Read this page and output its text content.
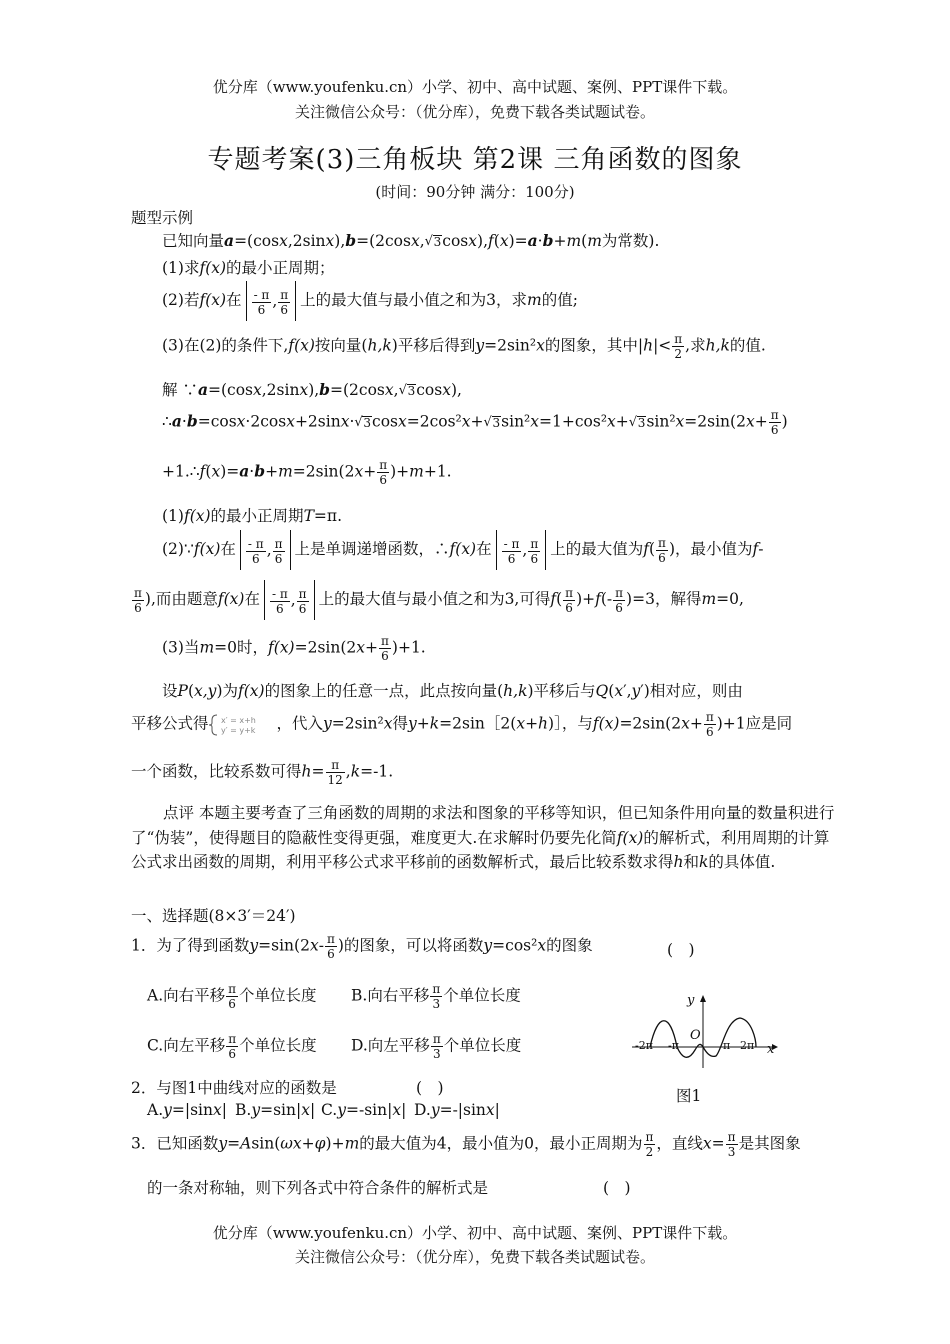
优分库（www.youfenku.cn）小学、初中、高中试题、案例、PPT课件下载。
关注微信公众号：（优分库），免费下载各类试题试卷。
专题考案(3)三角板块 第2课 三角函数的图象
(时间：90分钟 满分：100分)
题型示例
已知向量a=(cosx,2sinx),b=(2cosx, √ 3cosx),f(x)=a·b+m(m为常数).
(1)求f(x)的最小正周期；
(2)若f(x)在 $\frac{- \pi}{6}$ , $\frac{\pi}{6}$ 上的最大值与最小值之和为3，求m的值;
(3)在(2)的条件下,f(x)按向量(h,k)平移后得到y=2sin²x的图象，其中$|h|< \frac{\pi}{2}$ ,求h,k的值.
解 ∵a=(cosx,2sinx),b=(2cosx, √ 3cosx),
∴a·b=cosx·2cosx+2sinx· √ 3cosx=2cos²x+ √ 3sin²x=1+cos²x+ √ $3\sin^2x=2\sin(2x+ \frac{\pi}{6}$ )
+1.∴f(x)=a·b+m=2sin(2x+ $\frac{\pi}{6} )+m+1$.
(1)f(x)的最小正周期T=π.
(2)∵f(x)在 $\frac{- \pi}{6}$ , $\frac{\pi}{6}$ 上是单调递增函数，∴f(x)在 $\frac{- \pi}{6}$ , $\frac{\pi}{6}$ 上的最大值为$f( \frac{\pi}{6}$ )，最小值为f-
$\frac{\pi}{6}$ ),而由题意f(x)在 $\frac{- \pi}{6}$ , $\frac{\pi}{6}$ 上的最大值与最小值之和为3,可得$f( \frac{\pi}{6} )+f(- \frac{\pi}{6} )=3$，解得m=0,
(3)当m=0时，$f(x)=2\sin(2x+ \frac{\pi}{6} )+1$.
设P(x,y)为f(x)的图象上的任意一点，此点按向量(h,k)平移后与Q(x′,y′)相对应，则由
平移公式得 x′ = x+h
y′ = y+k ，代入y=2sin²x得y+k=2sin［2(x+h)］，与$f(x)=2\sin(2x+ \frac{\pi}{6} )+1$应是同
一个函数，比较系数可得$h= \frac{\pi}{12} ,k=-1$.
点评 本题主要考查了三角函数的周期的求法和图象的平移等知识，但已知条件用向量的数量积进行了“伪装”，使得题目的隐蔽性变得更强，难度更大.在求解时仍要先化简f(x)的解析式，利用周期的计算公式求出函数的周期，利用平移公式求平移前的函数解析式，最后比较系数求得h和k的具体值.
一、选择题(8×3′＝24′)
1．为了得到函数$y=\sin(2x- \frac{\pi}{6}$ )的图象，可以将函数y=cos²x的图象	(　)
A.向右平移 $\frac{\pi}{6}$ 个单位长度 B.向右平移 $\frac{\pi}{3}$ 个单位长度
C.向左平移 $\frac{\pi}{6}$ 个单位长度 D.向左平移 $\frac{\pi}{3}$ 个单位长度
2．与图1中曲线对应的函数是	(　)
A.y=|sinx| B.y=sin|x| C.y=-sin|x| D.y=-|sinx|
y
x
O
-2π -π	π 2π
图1
3．已知函数y=Asin(ωx+φ)+m的最大值为4，最小值为0，最小正周期为 $\frac{\pi}{2}$ ，直线$x= \frac{\pi}{3}$ 是其图象
的一条对称轴，则下列各式中符合条件的解析式是	(　)
优分库（www.youfenku.cn）小学、初中、高中试题、案例、PPT课件下载。
关注微信公众号：（优分库），免费下载各类试题试卷。
